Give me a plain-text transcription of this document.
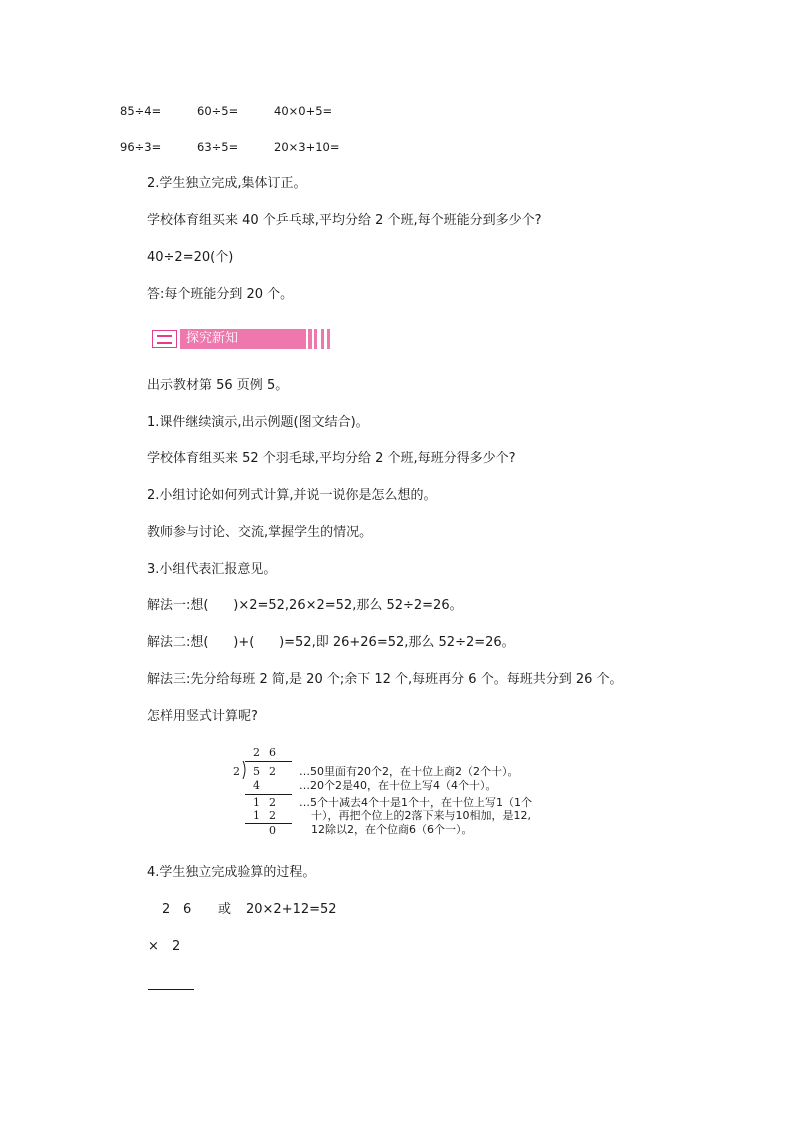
85÷4=	60÷5=	40×0+5=
96÷3=	63÷5=	20×3+10=
2.学生独立完成,集体订正。
学校体育组买来 40 个乒乓球,平均分给 2 个班,每个班能分到多少个?
40÷2=20(个)
答:每个班能分到 20 个。
探究新知
出示教材第 56 页例 5。
1.课件继续演示,出示例题(图文结合)。
学校体育组买来 52 个羽毛球,平均分给 2 个班,每班分得多少个?
2.小组讨论如何列式计算,并说一说你是怎么想的。
教师参与讨论、交流,掌握学生的情况。
3.小组代表汇报意见。
解法一:想(      )×2=52,26×2=52,那么 52÷2=26。
解法二:想(      )+(      )=52,即 26+26=52,那么 52÷2=26。
解法三:先分给每班 2 简,是 20 个;余下 12 个,每班再分 6 个。每班共分到 26 个。
怎样用竖式计算呢?
2 6
2 5 2
4
1 2
1 2
0
…50里面有20个2，在十位上商2（2个十）。
…20个2是40，在十位上写4（4个十）。
…5个十减去4个十是1个十，在十位上写1（1个
十），再把个位上的2落下来与10相加，是12,
12除以2，在个位商6（6个一）。
4.学生独立完成验算的过程。
2 6 或 20×2+12=52
× 2
